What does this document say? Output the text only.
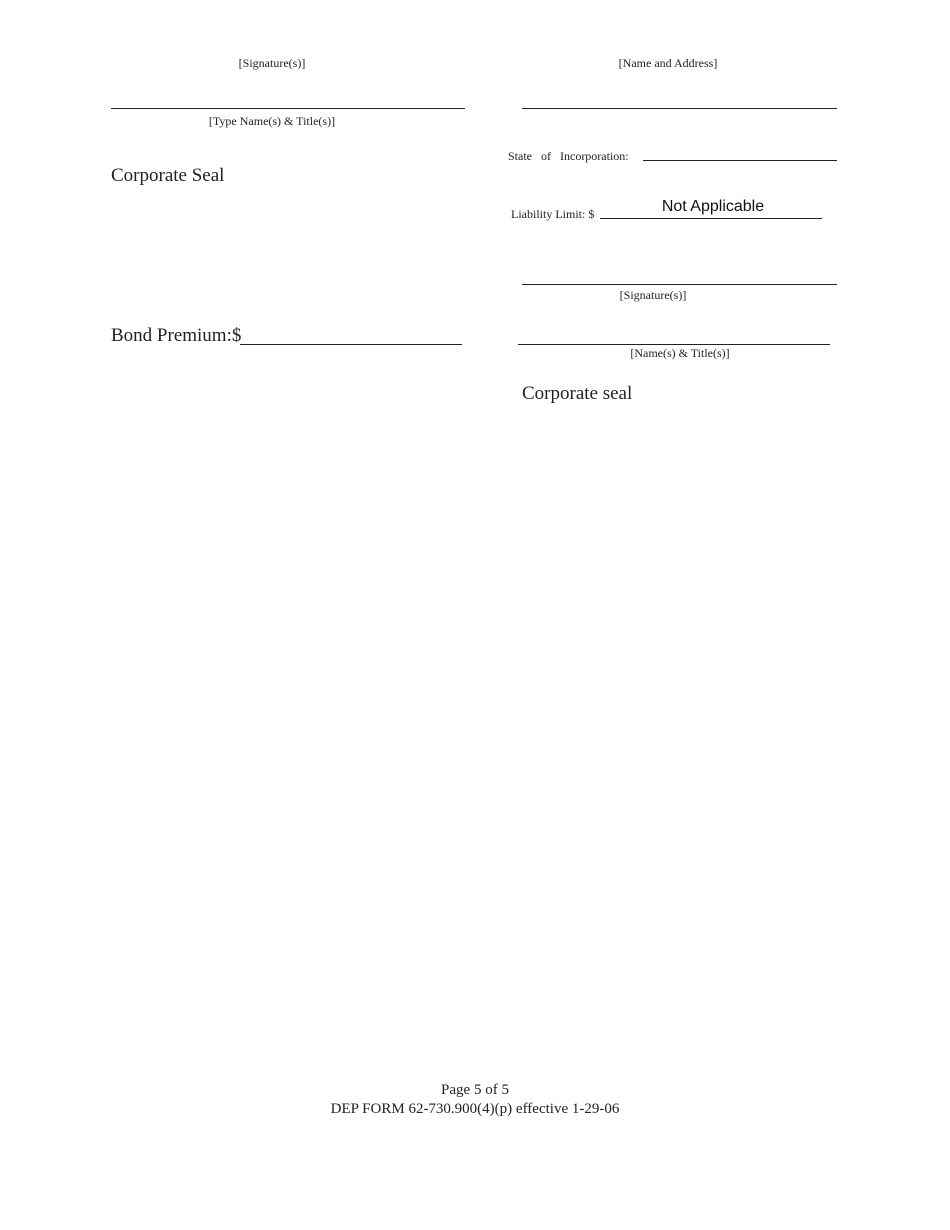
[Signature(s)]
[Type Name(s) & Title(s)]
Corporate Seal
Bond Premium:$
[Name and Address]
State   of   Incorporation:
Liability Limit: $	Not Applicable
[Signature(s)]
[Name(s) & Title(s)]
Corporate seal
Page 5 of 5
DEP FORM 62-730.900(4)(p) effective 1-29-06
